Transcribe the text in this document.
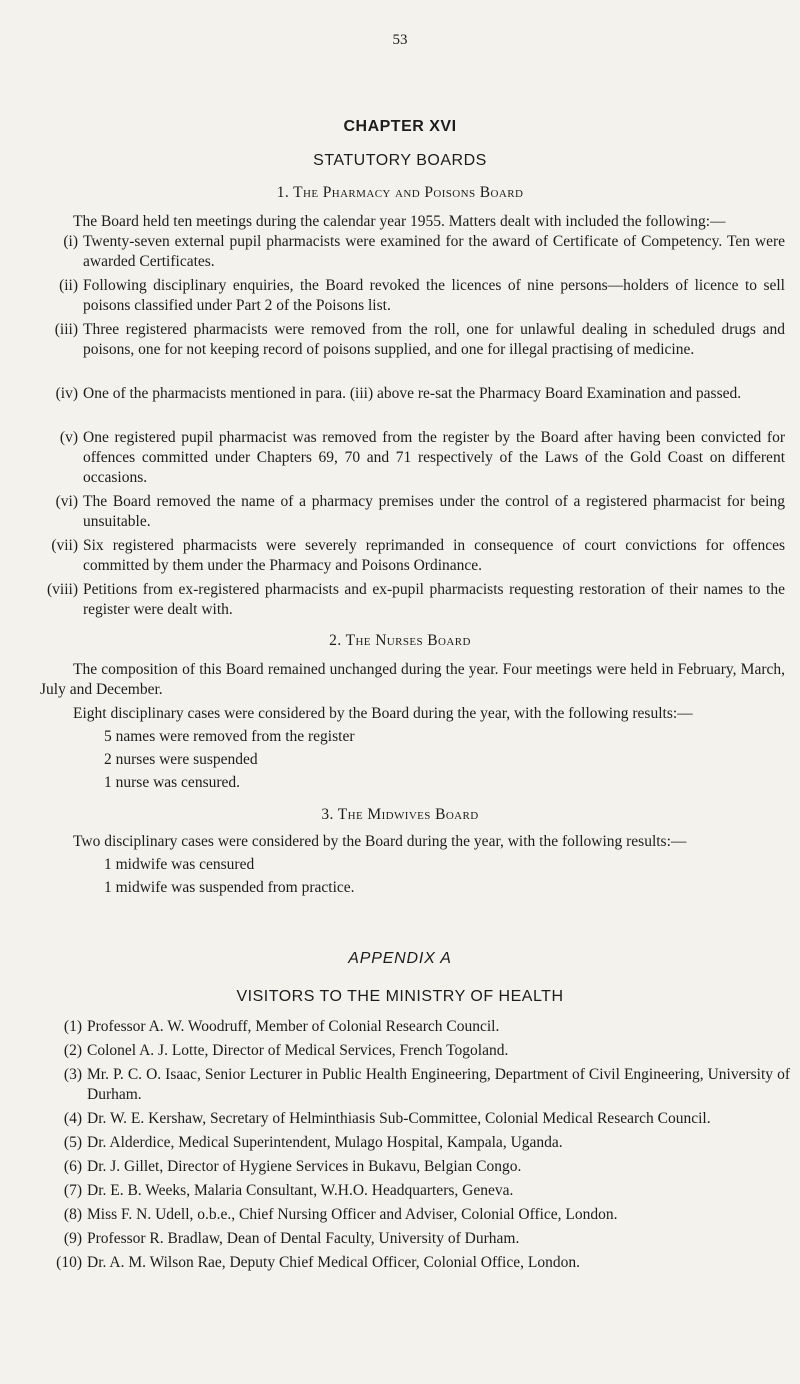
53
CHAPTER XVI
STATUTORY BOARDS
1. The Pharmacy and Poisons Board
The Board held ten meetings during the calendar year 1955. Matters dealt with included the following:—
(i) Twenty-seven external pupil pharmacists were examined for the award of Certificate of Competency. Ten were awarded Certificates.
(ii) Following disciplinary enquiries, the Board revoked the licences of nine persons—holders of licence to sell poisons classified under Part 2 of the Poisons list.
(iii) Three registered pharmacists were removed from the roll, one for unlawful dealing in scheduled drugs and poisons, one for not keeping record of poisons supplied, and one for illegal practising of medicine.
(iv) One of the pharmacists mentioned in para. (iii) above re-sat the Pharmacy Board Examination and passed.
(v) One registered pupil pharmacist was removed from the register by the Board after having been convicted for offences committed under Chapters 69, 70 and 71 respectively of the Laws of the Gold Coast on different occasions.
(vi) The Board removed the name of a pharmacy premises under the control of a registered pharmacist for being unsuitable.
(vii) Six registered pharmacists were severely reprimanded in consequence of court convictions for offences committed by them under the Pharmacy and Poisons Ordinance.
(viii) Petitions from ex-registered pharmacists and ex-pupil pharmacists requesting restoration of their names to the register were dealt with.
2. The Nurses Board
The composition of this Board remained unchanged during the year. Four meetings were held in February, March, July and December.
Eight disciplinary cases were considered by the Board during the year, with the following results:—
5 names were removed from the register
2 nurses were suspended
1 nurse was censured.
3. The Midwives Board
Two disciplinary cases were considered by the Board during the year, with the following results:—
1 midwife was censured
1 midwife was suspended from practice.
APPENDIX A
VISITORS TO THE MINISTRY OF HEALTH
(1) Professor A. W. Woodruff, Member of Colonial Research Council.
(2) Colonel A. J. Lotte, Director of Medical Services, French Togoland.
(3) Mr. P. C. O. Isaac, Senior Lecturer in Public Health Engineering, Department of Civil Engineering, University of Durham.
(4) Dr. W. E. Kershaw, Secretary of Helminthiasis Sub-Committee, Colonial Medical Research Council.
(5) Dr. Alderdice, Medical Superintendent, Mulago Hospital, Kampala, Uganda.
(6) Dr. J. Gillet, Director of Hygiene Services in Bukavu, Belgian Congo.
(7) Dr. E. B. Weeks, Malaria Consultant, W.H.O. Headquarters, Geneva.
(8) Miss F. N. Udell, o.b.e., Chief Nursing Officer and Adviser, Colonial Office, London.
(9) Professor R. Bradlaw, Dean of Dental Faculty, University of Durham.
(10) Dr. A. M. Wilson Rae, Deputy Chief Medical Officer, Colonial Office, London.
